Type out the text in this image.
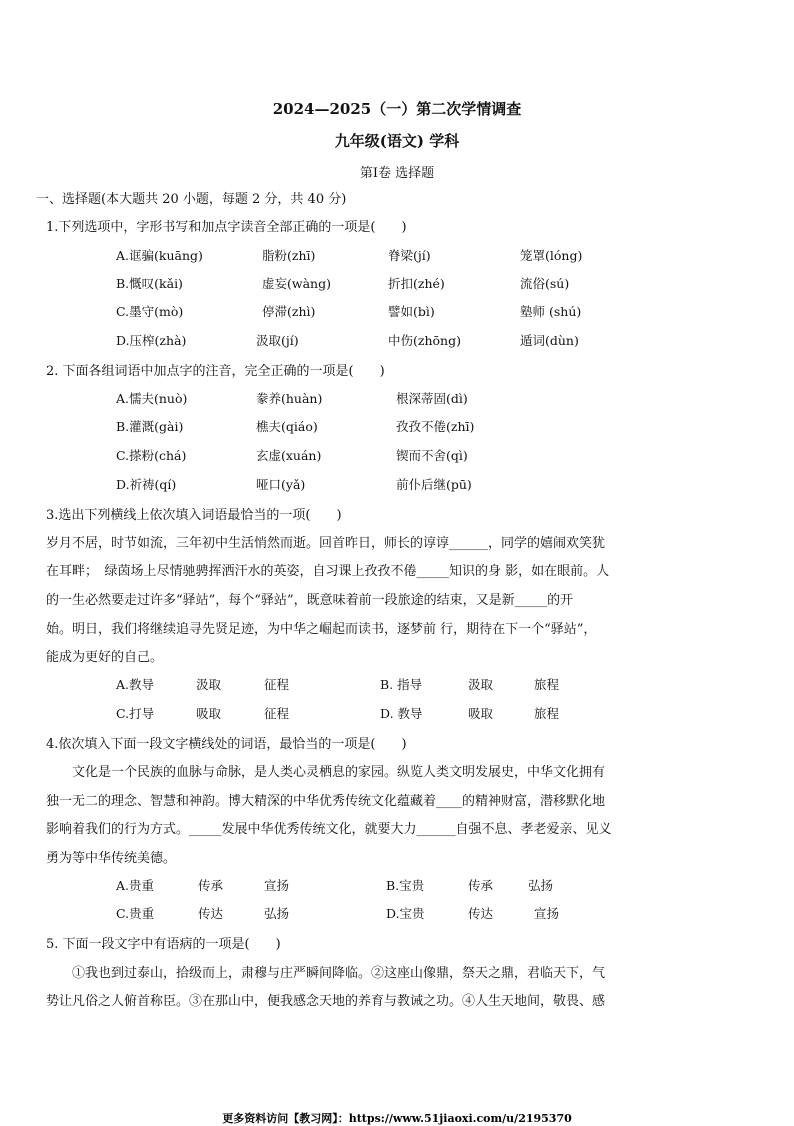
2024—2025（一）第二次学情调查
九年级(语文) 学科
第Ⅰ卷 选择题
一、选择题(本大题共 20 小题，每题 2 分，共 40 分)
1.下列选项中，字形书写和加点字读音全部正确的一项是(　　)
A.诓骗(kuāng)	脂粉(zhī)	脊梁(jí)	笼罩(lóng)
B.慨叹(kǎi)	虚妄(wàng)	折扣(zhé)	流俗(sú)
C.墨守(mò)	停滞(zhì)	譬如(bì)	塾师 (shú)
D.压榨(zhà)	汲取(jí)	中伤(zhōng)	遁词(dùn)
2. 下面各组词语中加点字的注音，完全正确的一项是(　　)
A.懦夫(nuò)	豢养(huàn)	根深蒂固(dì)
B.灌溉(gài)	樵夫(qiáo)	孜孜不倦(zhī)
C.搽粉(chá)	玄虚(xuán)	锲而不舍(qì)
D.祈祷(qí)	哑口(yǎ)	前仆后继(pū)
3.选出下列横线上依次填入词语最恰当的一项(　　)
岁月不居，时节如流，三年初中生活悄然而逝。回首昨日，师长的谆谆______，同学的嬉闹欢笑犹
在耳畔；　绿茵场上尽情驰骋挥洒汗水的英姿，自习课上孜孜不倦_____知识的身 影，如在眼前。人
的一生必然要走过许多“驿站”，每个“驿站”，既意味着前一段旅途的结束，又是新_____的开
始。明日，我们将继续追寻先贤足迹，为中华之崛起而读书，逐梦前 行，期待在下一个“驿站”，
能成为更好的自己。
A.教导	汲取	征程	B. 指导	汲取	旅程
C.打导	吸取	征程	D. 教导	吸取	旅程
4.依次填入下面一段文字横线处的词语，最恰当的一项是(　　)
　　文化是一个民族的血脉与命脉，是人类心灵栖息的家园。纵览人类文明发展史，中华文化拥有
独一无二的理念、智慧和神韵。博大精深的中华优秀传统文化蕴藏着____的精神财富，潜移默化地
影响着我们的行为方式。_____发展中华优秀传统文化，就要大力______自强不息、孝老爱亲、见义
勇为等中华传统美德。
A.贵重	传承	宣扬	B.宝贵	传承	弘扬
C.贵重	传达	弘扬	D.宝贵	传达	宣扬
5. 下面一段文字中有语病的一项是(　　)
　　①我也到过泰山，拾级而上，肃穆与庄严瞬间降临。②这座山像鼎，祭天之鼎，君临天下，气
势让凡俗之人俯首称臣。③在那山中，便我感念天地的养育与教诫之功。④人生天地间，敬畏、感
更多资料访问【教习网】：https://www.51jiaoxi.com/u/2195370
